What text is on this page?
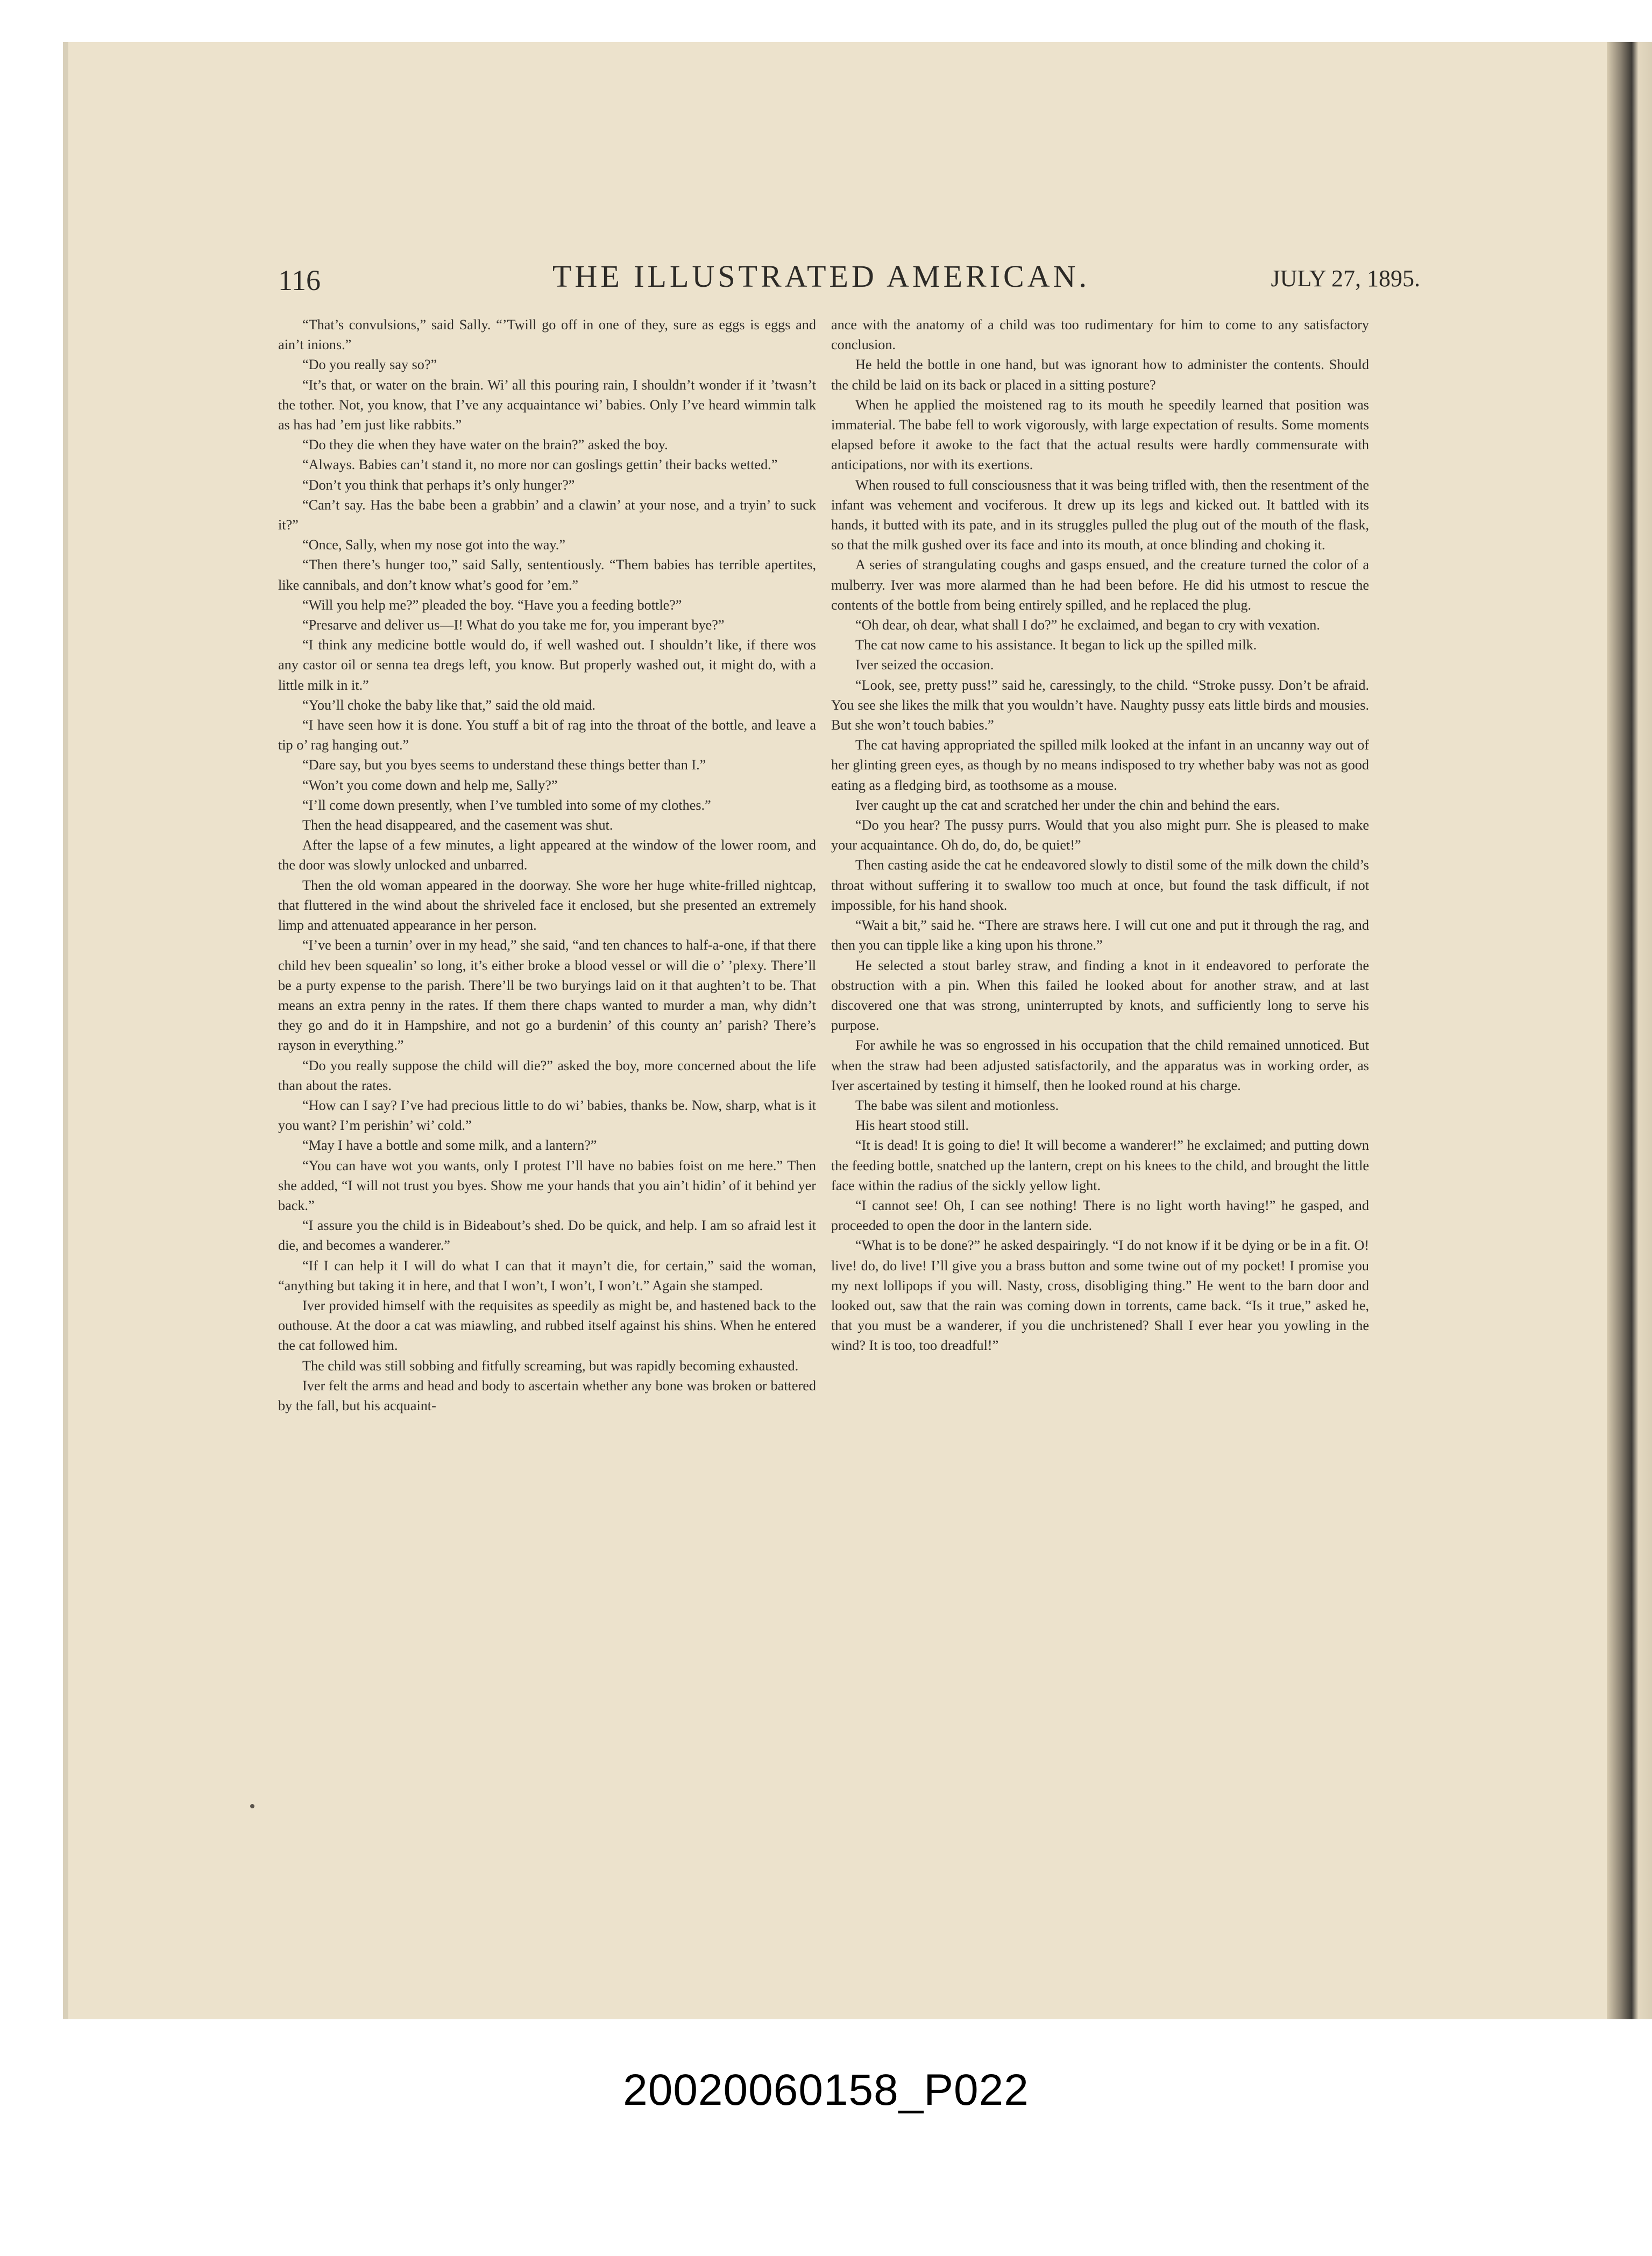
116	THE ILLUSTRATED AMERICAN.	JULY 27, 1895.

“That’s convulsions,” said Sally. “’Twill go off in one of they, sure as eggs is eggs and ain’t inions.”

“Do you really say so?”

“It’s that, or water on the brain. Wi’ all this pouring rain, I shouldn’t wonder if it ’twasn’t the tother. Not, you know, that I’ve any acquaintance wi’ babies. Only I’ve heard wimmin talk as has had ’em just like rabbits.”

“Do they die when they have water on the brain?” asked the boy.

“Always. Babies can’t stand it, no more nor can goslings gettin’ their backs wetted.”

“Don’t you think that perhaps it’s only hunger?”

“Can’t say. Has the babe been a grabbin’ and a clawin’ at your nose, and a tryin’ to suck it?”

“Once, Sally, when my nose got into the way.”

“Then there’s hunger too,” said Sally, sententiously. “Them babies has terrible apertites, like cannibals, and don’t know what’s good for ’em.”

“Will you help me?” pleaded the boy. “Have you a feeding bottle?”

“Presarve and deliver us—I! What do you take me for, you imperant bye?”

“I think any medicine bottle would do, if well washed out. I shouldn’t like, if there wos any castor oil or senna tea dregs left, you know. But properly washed out, it might do, with a little milk in it.”

“You’ll choke the baby like that,” said the old maid.

“I have seen how it is done. You stuff a bit of rag into the throat of the bottle, and leave a tip o’ rag hanging out.”

“Dare say, but you byes seems to understand these things better than I.”

“Won’t you come down and help me, Sally?”

“I’ll come down presently, when I’ve tumbled into some of my clothes.”

Then the head disappeared, and the casement was shut.

After the lapse of a few minutes, a light appeared at the window of the lower room, and the door was slowly unlocked and unbarred.

Then the old woman appeared in the doorway. She wore her huge white-frilled nightcap, that fluttered in the wind about the shriveled face it enclosed, but she presented an extremely limp and attenuated appearance in her person.

“I’ve been a turnin’ over in my head,” she said, “and ten chances to half-a-one, if that there child hev been squealin’ so long, it’s either broke a blood vessel or will die o’ ’plexy. There’ll be a purty expense to the parish. There’ll be two buryings laid on it that aughten’t to be. That means an extra penny in the rates. If them there chaps wanted to murder a man, why didn’t they go and do it in Hampshire, and not go a burdenin’ of this county an’ parish? There’s rayson in everything.”

“Do you really suppose the child will die?” asked the boy, more concerned about the life than about the rates.

“How can I say? I’ve had precious little to do wi’ babies, thanks be. Now, sharp, what is it you want? I’m perishin’ wi’ cold.”

“May I have a bottle and some milk, and a lantern?”

“You can have wot you wants, only I protest I’ll have no babies foist on me here.” Then she added, “I will not trust you byes. Show me your hands that you ain’t hidin’ of it behind yer back.”

“I assure you the child is in Bideabout’s shed. Do be quick, and help. I am so afraid lest it die, and becomes a wanderer.”

“If I can help it I will do what I can that it mayn’t die, for certain,” said the woman, “anything but taking it in here, and that I won’t, I won’t, I won’t.” Again she stamped.

Iver provided himself with the requisites as speedily as might be, and hastened back to the outhouse. At the door a cat was miawling, and rubbed itself against his shins. When he entered the cat followed him.

The child was still sobbing and fitfully screaming, but was rapidly becoming exhausted.

Iver felt the arms and head and body to ascertain whether any bone was broken or battered by the fall, but his acquaint-

ance with the anatomy of a child was too rudimentary for him to come to any satisfactory conclusion.

He held the bottle in one hand, but was ignorant how to administer the contents. Should the child be laid on its back or placed in a sitting posture?

When he applied the moistened rag to its mouth he speedily learned that position was immaterial. The babe fell to work vigorously, with large expectation of results. Some moments elapsed before it awoke to the fact that the actual results were hardly commensurate with anticipations, nor with its exertions.

When roused to full consciousness that it was being trifled with, then the resentment of the infant was vehement and vociferous. It drew up its legs and kicked out. It battled with its hands, it butted with its pate, and in its struggles pulled the plug out of the mouth of the flask, so that the milk gushed over its face and into its mouth, at once blinding and choking it.

A series of strangulating coughs and gasps ensued, and the creature turned the color of a mulberry. Iver was more alarmed than he had been before. He did his utmost to rescue the contents of the bottle from being entirely spilled, and he replaced the plug.

“Oh dear, oh dear, what shall I do?” he exclaimed, and began to cry with vexation.

The cat now came to his assistance. It began to lick up the spilled milk.

Iver seized the occasion.

“Look, see, pretty puss!” said he, caressingly, to the child. “Stroke pussy. Don’t be afraid. You see she likes the milk that you wouldn’t have. Naughty pussy eats little birds and mousies. But she won’t touch babies.”

The cat having appropriated the spilled milk looked at the infant in an uncanny way out of her glinting green eyes, as though by no means indisposed to try whether baby was not as good eating as a fledging bird, as toothsome as a mouse.

Iver caught up the cat and scratched her under the chin and behind the ears.

“Do you hear? The pussy purrs. Would that you also might purr. She is pleased to make your acquaintance. Oh do, do, do, be quiet!”

Then casting aside the cat he endeavored slowly to distil some of the milk down the child’s throat without suffering it to swallow too much at once, but found the task difficult, if not impossible, for his hand shook.

“Wait a bit,” said he. “There are straws here. I will cut one and put it through the rag, and then you can tipple like a king upon his throne.”

He selected a stout barley straw, and finding a knot in it endeavored to perforate the obstruction with a pin. When this failed he looked about for another straw, and at last discovered one that was strong, uninterrupted by knots, and sufficiently long to serve his purpose.

For awhile he was so engrossed in his occupation that the child remained unnoticed. But when the straw had been adjusted satisfactorily, and the apparatus was in working order, as Iver ascertained by testing it himself, then he looked round at his charge.

The babe was silent and motionless.

His heart stood still.

“It is dead! It is going to die! It will become a wanderer!” he exclaimed; and putting down the feeding bottle, snatched up the lantern, crept on his knees to the child, and brought the little face within the radius of the sickly yellow light.

“I cannot see! Oh, I can see nothing! There is no light worth having!” he gasped, and proceeded to open the door in the lantern side.

“What is to be done?” he asked despairingly. “I do not know if it be dying or be in a fit. O! live! do, do live! I’ll give you a brass button and some twine out of my pocket! I promise you my next lollipops if you will. Nasty, cross, disobliging thing.” He went to the barn door and looked out, saw that the rain was coming down in torrents, came back. “Is it true,” asked he, that you must be a wanderer, if you die unchristened? Shall I ever hear you yowling in the wind? It is too, too dreadful!”

20020060158_P022
